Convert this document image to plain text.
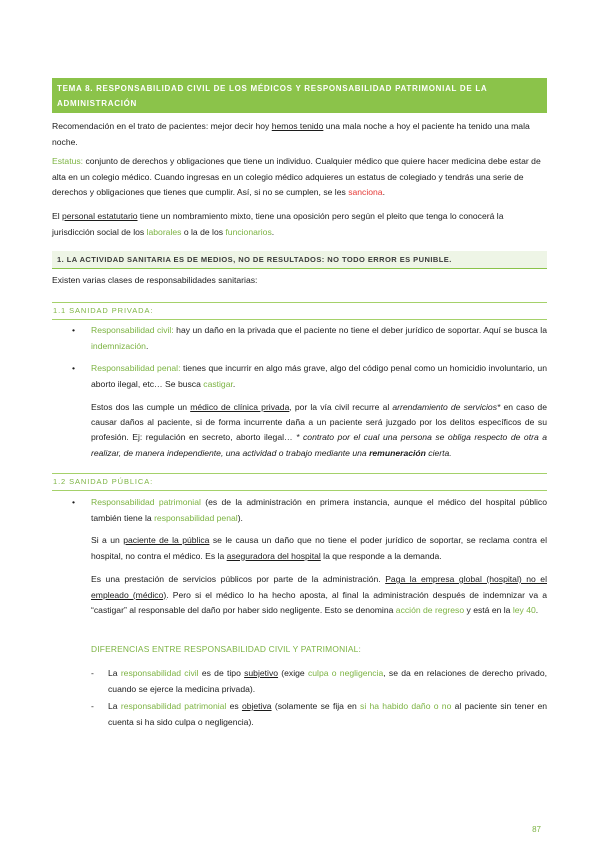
TEMA 8. RESPONSABILIDAD CIVIL DE LOS MÉDICOS Y RESPONSABILIDAD PATRIMONIAL DE LA ADMINISTRACIÓN

Recomendación en el trato de pacientes: mejor decir hoy hemos tenido una mala noche a hoy el paciente ha tenido una mala noche.

Estatus: conjunto de derechos y obligaciones que tiene un individuo. Cualquier médico que quiere hacer medicina debe estar de alta en un colegio médico. Cuando ingresas en un colegio médico adquieres un estatus de colegiado y tendrás una serie de derechos y obligaciones que tienes que cumplir. Así, si no se cumplen, se les sanciona.

El personal estatutario tiene un nombramiento mixto, tiene una oposición pero según el pleito que tenga lo conocerá la jurisdicción social de los laborales o la de los funcionarios.

1. LA ACTIVIDAD SANITARIA ES DE MEDIOS, NO DE RESULTADOS: NO TODO ERROR ES PUNIBLE.

Existen varias clases de responsabilidades sanitarias:

1.1 SANIDAD PRIVADA:

• Responsabilidad civil: hay un daño en la privada que el paciente no tiene el deber jurídico de soportar. Aquí se busca la indemnización.

• Responsabilidad penal: tienes que incurrir en algo más grave, algo del código penal como un homicidio involuntario, un aborto ilegal, etc… Se busca castigar.

Estos dos las cumple un médico de clínica privada, por la vía civil recurre al arrendamiento de servicios* en caso de causar daños al paciente, si de forma incurrente daña a un paciente será juzgado por los delitos específicos de su profesión. Ej: regulación en secreto, aborto ilegal… * contrato por el cual una persona se obliga respecto de otra a realizar, de manera independiente, una actividad o trabajo mediante una remuneración cierta.

1.2 SANIDAD PÚBLICA:

• Responsabilidad patrimonial (es de la administración en primera instancia, aunque el médico del hospital público también tiene la responsabilidad penal).

Si a un paciente de la pública se le causa un daño que no tiene el poder jurídico de soportar, se reclama contra el hospital, no contra el médico. Es la aseguradora del hospital la que responde a la demanda.

Es una prestación de servicios públicos por parte de la administración. Paga la empresa global (hospital) no el empleado (médico). Pero si el médico lo ha hecho aposta, al final la administración después de indemnizar va a “castigar” al responsable del daño por haber sido negligente. Esto se denomina acción de regreso y está en la ley 40.

DIFERENCIAS ENTRE RESPONSABILIDAD CIVIL Y PATRIMONIAL:

- La responsabilidad civil es de tipo subjetivo (exige culpa o negligencia, se da en relaciones de derecho privado, cuando se ejerce la medicina privada).

- La responsabilidad patrimonial es objetiva (solamente se fija en si ha habido daño o no al paciente sin tener en cuenta si ha sido culpa o negligencia).

87
